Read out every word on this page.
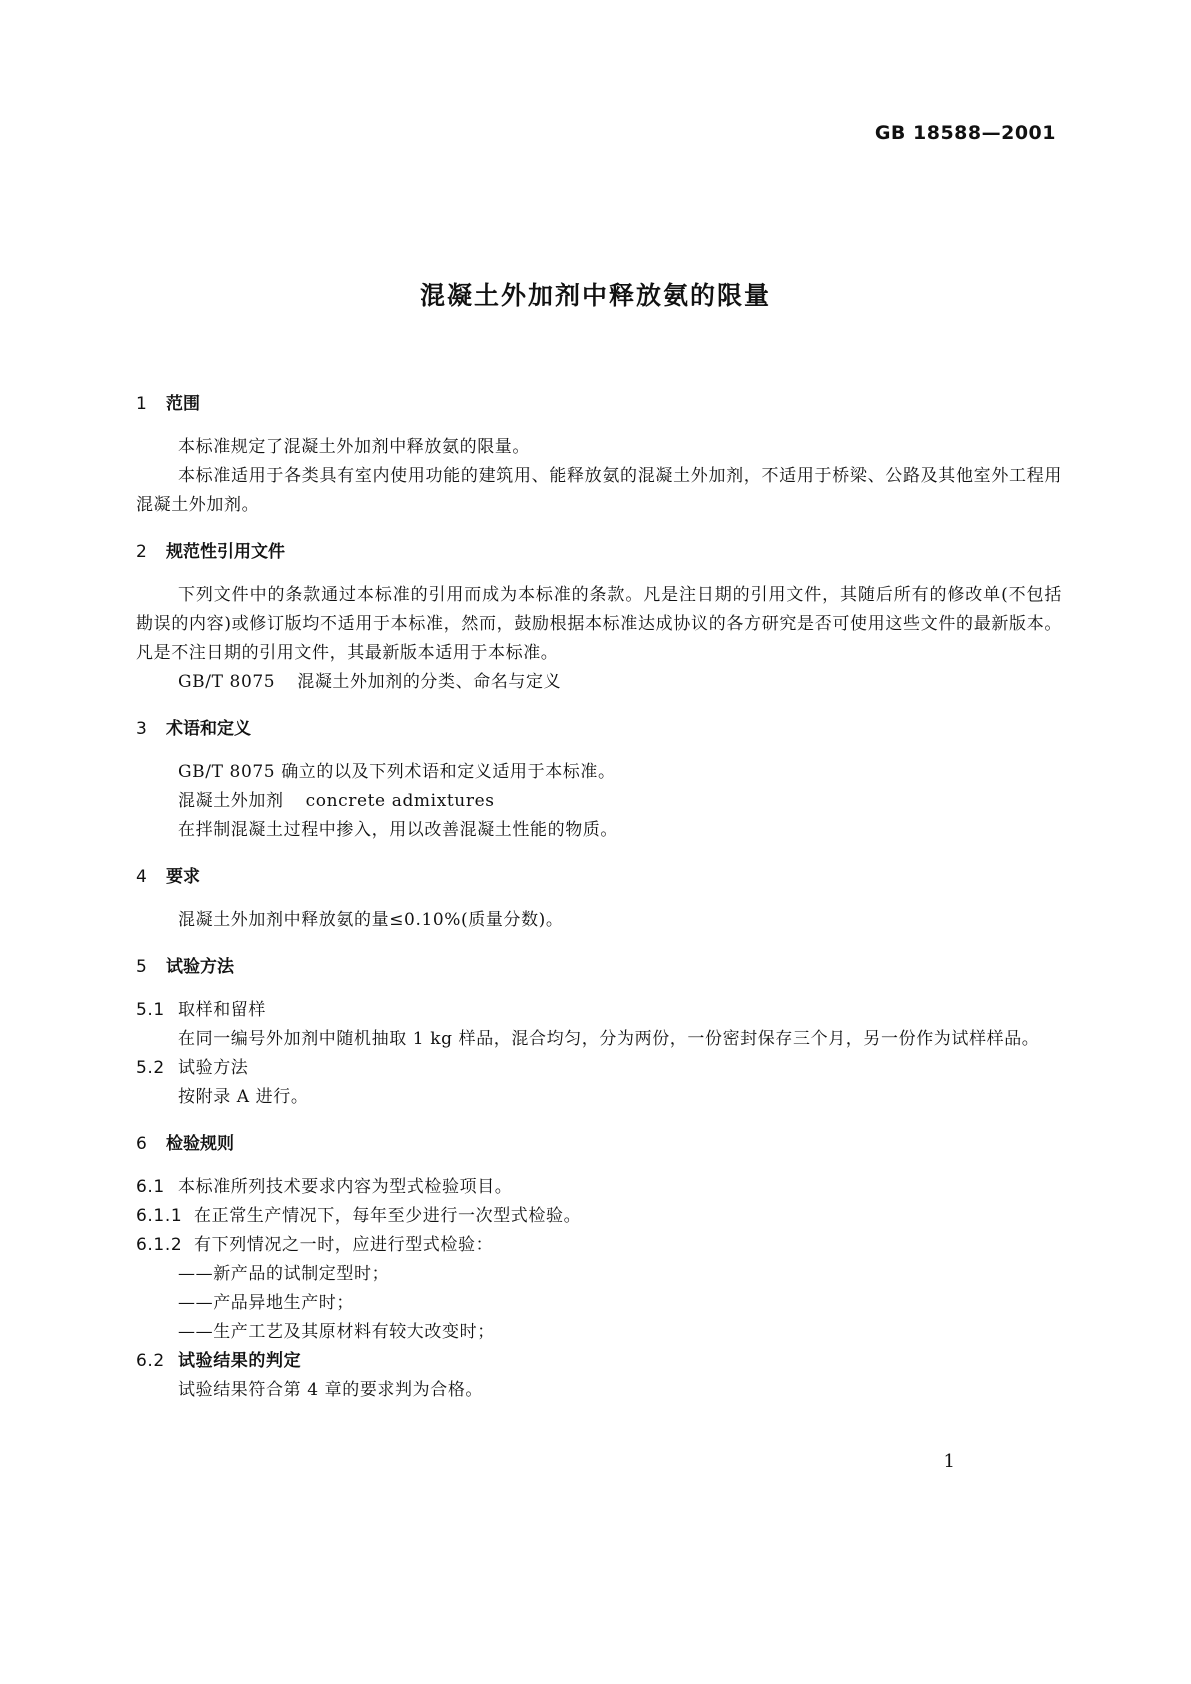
GB 18588—2001
混凝土外加剂中释放氨的限量
1 范围

本标准规定了混凝土外加剂中释放氨的限量。

本标准适用于各类具有室内使用功能的建筑用、能释放氨的混凝土外加剂，不适用于桥梁、公路及其他室外工程用混凝土外加剂。

2 规范性引用文件

下列文件中的条款通过本标准的引用而成为本标准的条款。凡是注日期的引用文件，其随后所有的修改单(不包括勘误的内容)或修订版均不适用于本标准，然而，鼓励根据本标准达成协议的各方研究是否可使用这些文件的最新版本。凡是不注日期的引用文件，其最新版本适用于本标准。

GB/T 8075 混凝土外加剂的分类、命名与定义

3 术语和定义

GB/T 8075 确立的以及下列术语和定义适用于本标准。

混凝土外加剂 concrete admixtures

在拌制混凝土过程中掺入，用以改善混凝土性能的物质。

4 要求

混凝土外加剂中释放氨的量≤0.10%(质量分数)。

5 试验方法

5.1 取样和留样

在同一编号外加剂中随机抽取 1 kg 样品，混合均匀，分为两份，一份密封保存三个月，另一份作为试样样品。

5.2 试验方法

按附录 A 进行。

6 检验规则

6.1 本标准所列技术要求内容为型式检验项目。

6.1.1 在正常生产情况下，每年至少进行一次型式检验。

6.1.2 有下列情况之一时，应进行型式检验：

——新产品的试制定型时；

——产品异地生产时；

——生产工艺及其原材料有较大改变时；

6.2 试验结果的判定

试验结果符合第 4 章的要求判为合格。

1
